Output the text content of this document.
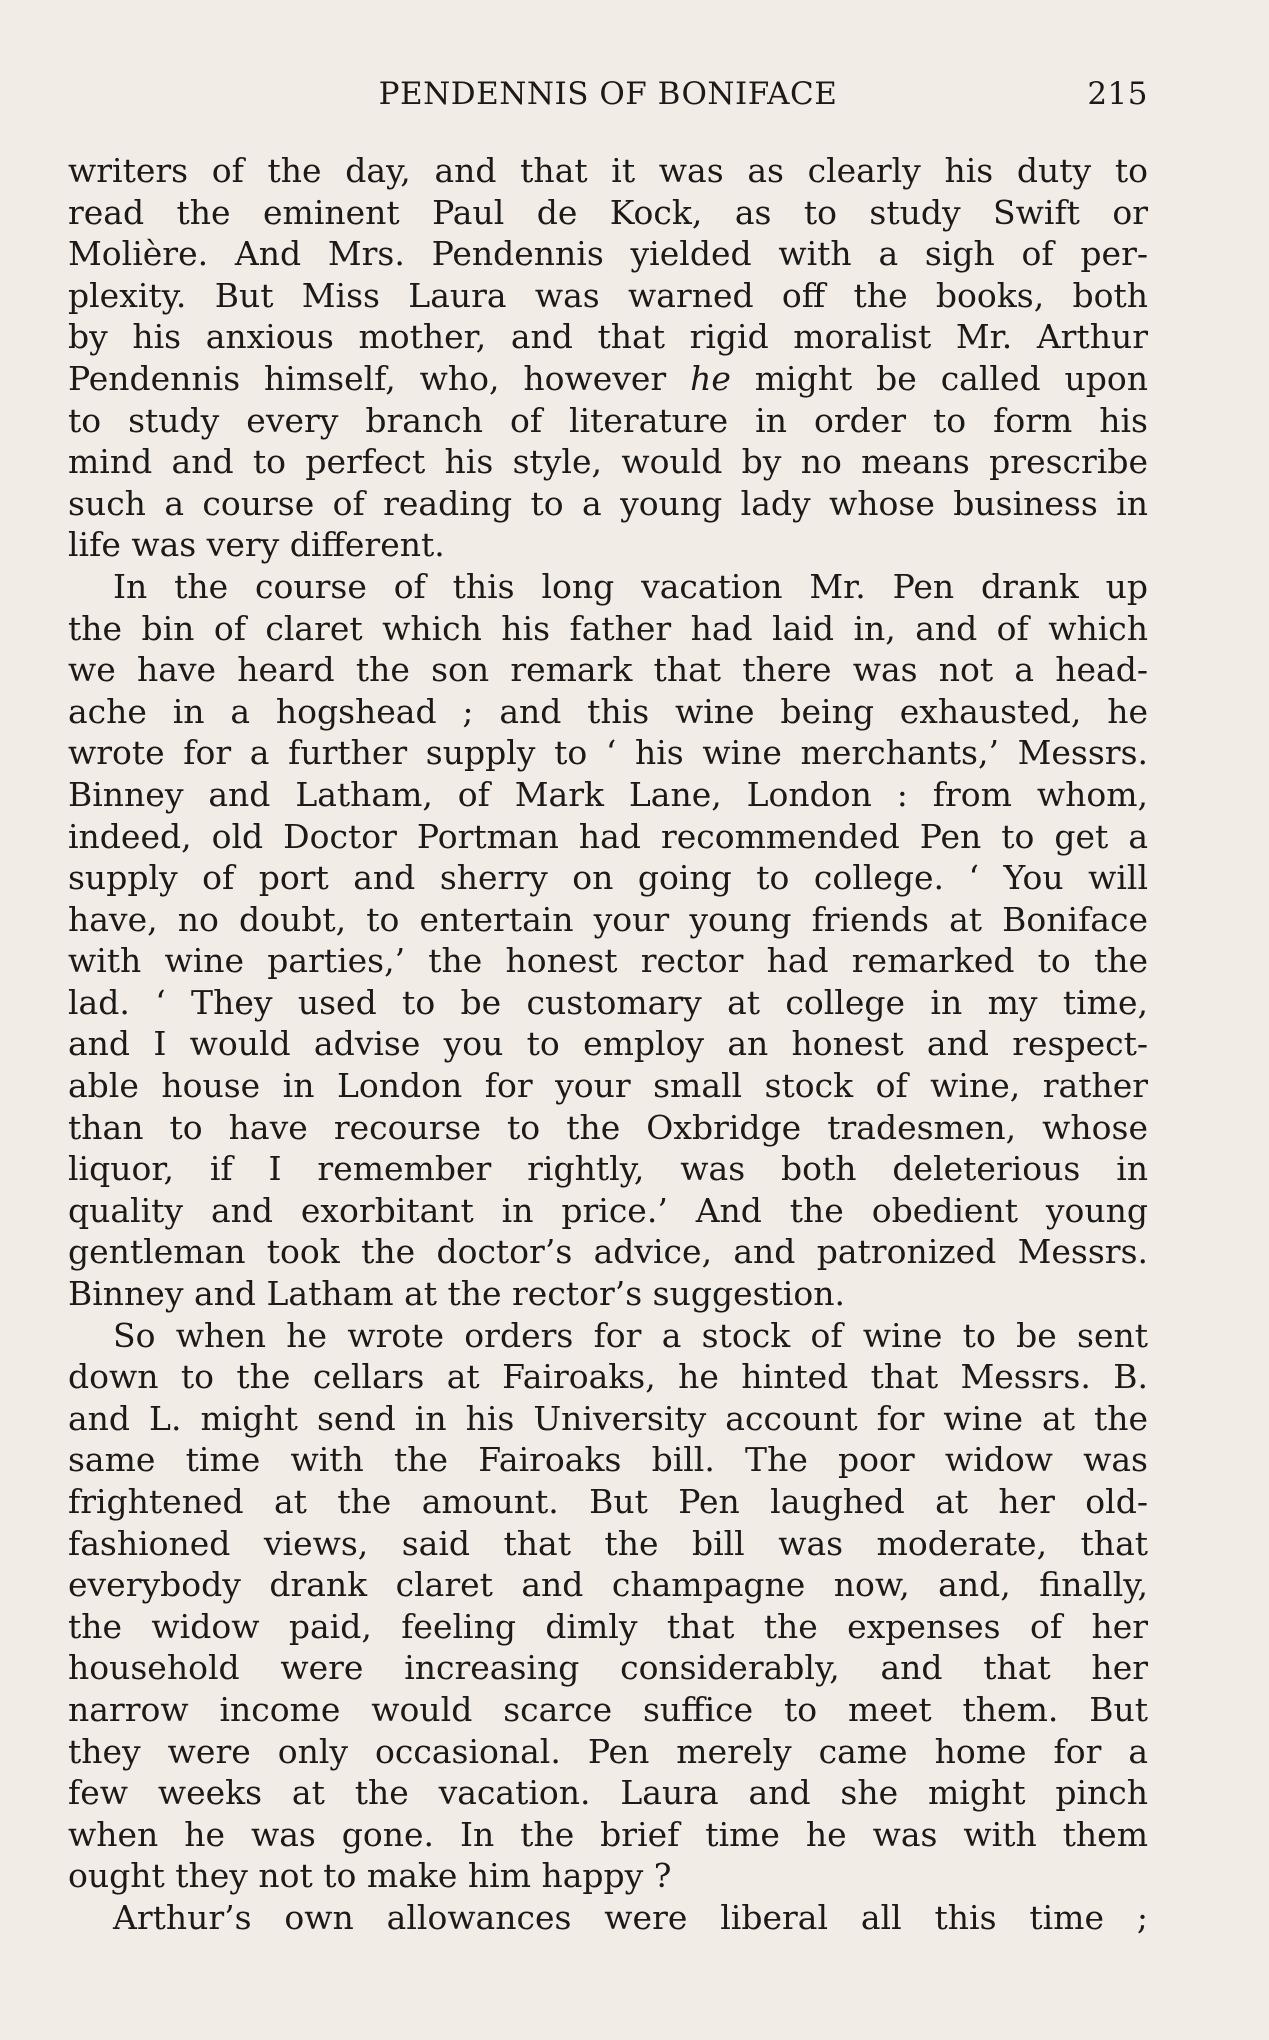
PENDENNIS OF BONIFACE	215
writers of the day, and that it was as clearly his duty to
read the eminent Paul de Kock, as to study Swift or
Molière. And Mrs. Pendennis yielded with a sigh of per-
plexity. But Miss Laura was warned off the books, both
by his anxious mother, and that rigid moralist Mr. Arthur
Pendennis himself, who, however he might be called upon
to study every branch of literature in order to form his
mind and to perfect his style, would by no means prescribe
such a course of reading to a young lady whose business in
life was very different.
In the course of this long vacation Mr. Pen drank up
the bin of claret which his father had laid in, and of which
we have heard the son remark that there was not a head-
ache in a hogshead ; and this wine being exhausted, he
wrote for a further supply to ‘ his wine merchants,’ Messrs.
Binney and Latham, of Mark Lane, London : from whom,
indeed, old Doctor Portman had recommended Pen to get a
supply of port and sherry on going to college. ‘ You will
have, no doubt, to entertain your young friends at Boniface
with wine parties,’ the honest rector had remarked to the
lad. ‘ They used to be customary at college in my time,
and I would advise you to employ an honest and respect-
able house in London for your small stock of wine, rather
than to have recourse to the Oxbridge tradesmen, whose
liquor, if I remember rightly, was both deleterious in
quality and exorbitant in price.’ And the obedient young
gentleman took the doctor’s advice, and patronized Messrs.
Binney and Latham at the rector’s suggestion.
So when he wrote orders for a stock of wine to be sent
down to the cellars at Fairoaks, he hinted that Messrs. B.
and L. might send in his University account for wine at the
same time with the Fairoaks bill. The poor widow was
frightened at the amount. But Pen laughed at her old-
fashioned views, said that the bill was moderate, that
everybody drank claret and champagne now, and, finally,
the widow paid, feeling dimly that the expenses of her
household were increasing considerably, and that her
narrow income would scarce suffice to meet them. But
they were only occasional. Pen merely came home for a
few weeks at the vacation. Laura and she might pinch
when he was gone. In the brief time he was with them
ought they not to make him happy ?
Arthur’s own allowances were liberal all this time ;
